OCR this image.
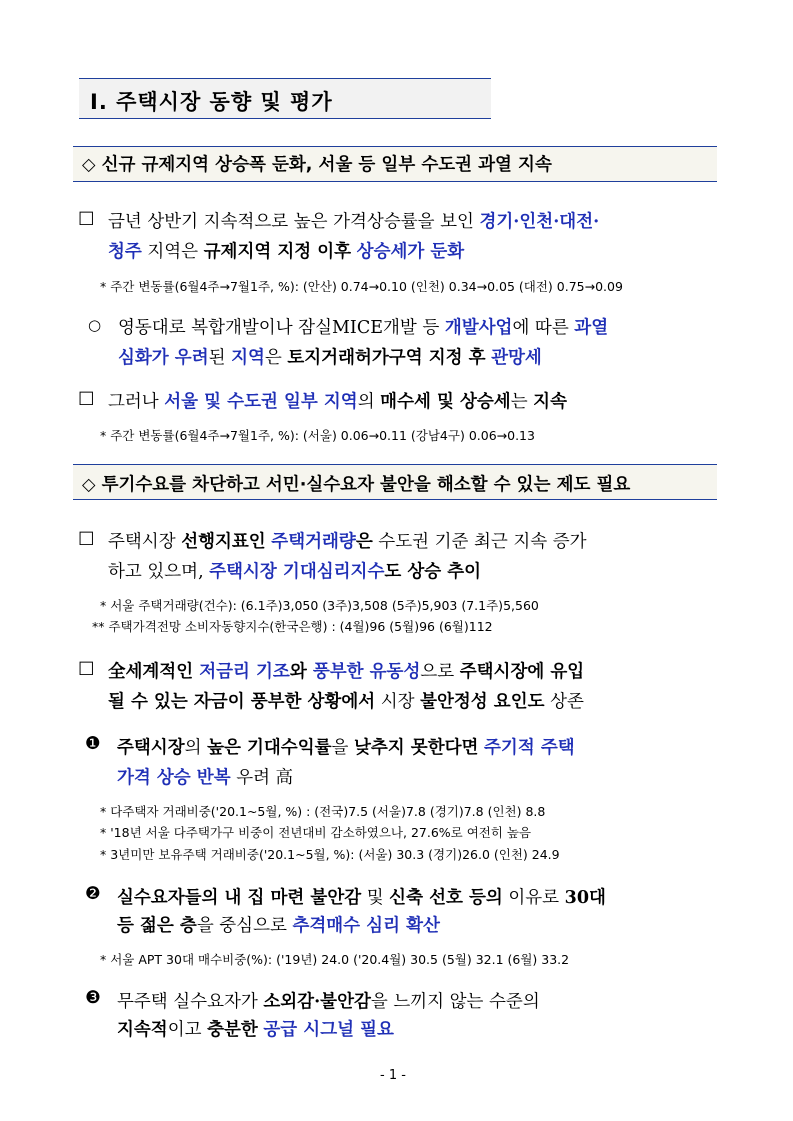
Ⅰ. 주택시장 동향 및 평가
◇ 신규 규제지역 상승폭 둔화, 서울 등 일부 수도권 과열 지속
□ 금년 상반기 지속적으로 높은 가격상승률을 보인 경기·인천·대전·
청주 지역은 규제지역 지정 이후 상승세가 둔화
* 주간 변동률(6월4주→7월1주, %): (안산) 0.74→0.10 (인천) 0.34→0.05 (대전) 0.75→0.09
○ 영동대로 복합개발이나 잠실MICE개발 등 개발사업에 따른 과열
심화가 우려된 지역은 토지거래허가구역 지정 후 관망세
□ 그러나 서울 및 수도권 일부 지역의 매수세 및 상승세는 지속
* 주간 변동률(6월4주→7월1주, %): (서울) 0.06→0.11 (강남4구) 0.06→0.13
◇ 투기수요를 차단하고 서민·실수요자 불안을 해소할 수 있는 제도 필요
□ 주택시장 선행지표인 주택거래량은 수도권 기준 최근 지속 증가
하고 있으며, 주택시장 기대심리지수도 상승 추이
* 서울 주택거래량(건수): (6.1주)3,050 (3주)3,508 (5주)5,903 (7.1주)5,560
** 주택가격전망 소비자동향지수(한국은행) : (4월)96 (5월)96 (6월)112
□ 全세계적인 저금리 기조와 풍부한 유동성으로 주택시장에 유입
될 수 있는 자금이 풍부한 상황에서 시장 불안정성 요인도 상존
❶ 주택시장의 높은 기대수익률을 낮추지 못한다면 주기적 주택
가격 상승 반복 우려 高
* 다주택자 거래비중('20.1~5월, %) : (전국)7.5 (서울)7.8 (경기)7.8 (인천) 8.8
* '18년 서울 다주택가구 비중이 전년대비 감소하였으나, 27.6%로 여전히 높음
* 3년미만 보유주택 거래비중('20.1~5월, %): (서울) 30.3 (경기)26.0 (인천) 24.9
❷ 실수요자들의 내 집 마련 불안감 및 신축 선호 등의 이유로 30대
등 젊은 층을 중심으로 추격매수 심리 확산
* 서울 APT 30대 매수비중(%): ('19년) 24.0 ('20.4월) 30.5 (5월) 32.1 (6월) 33.2
❸ 무주택 실수요자가 소외감·불안감을 느끼지 않는 수준의
지속적이고 충분한 공급 시그널 필요
- 1 -
